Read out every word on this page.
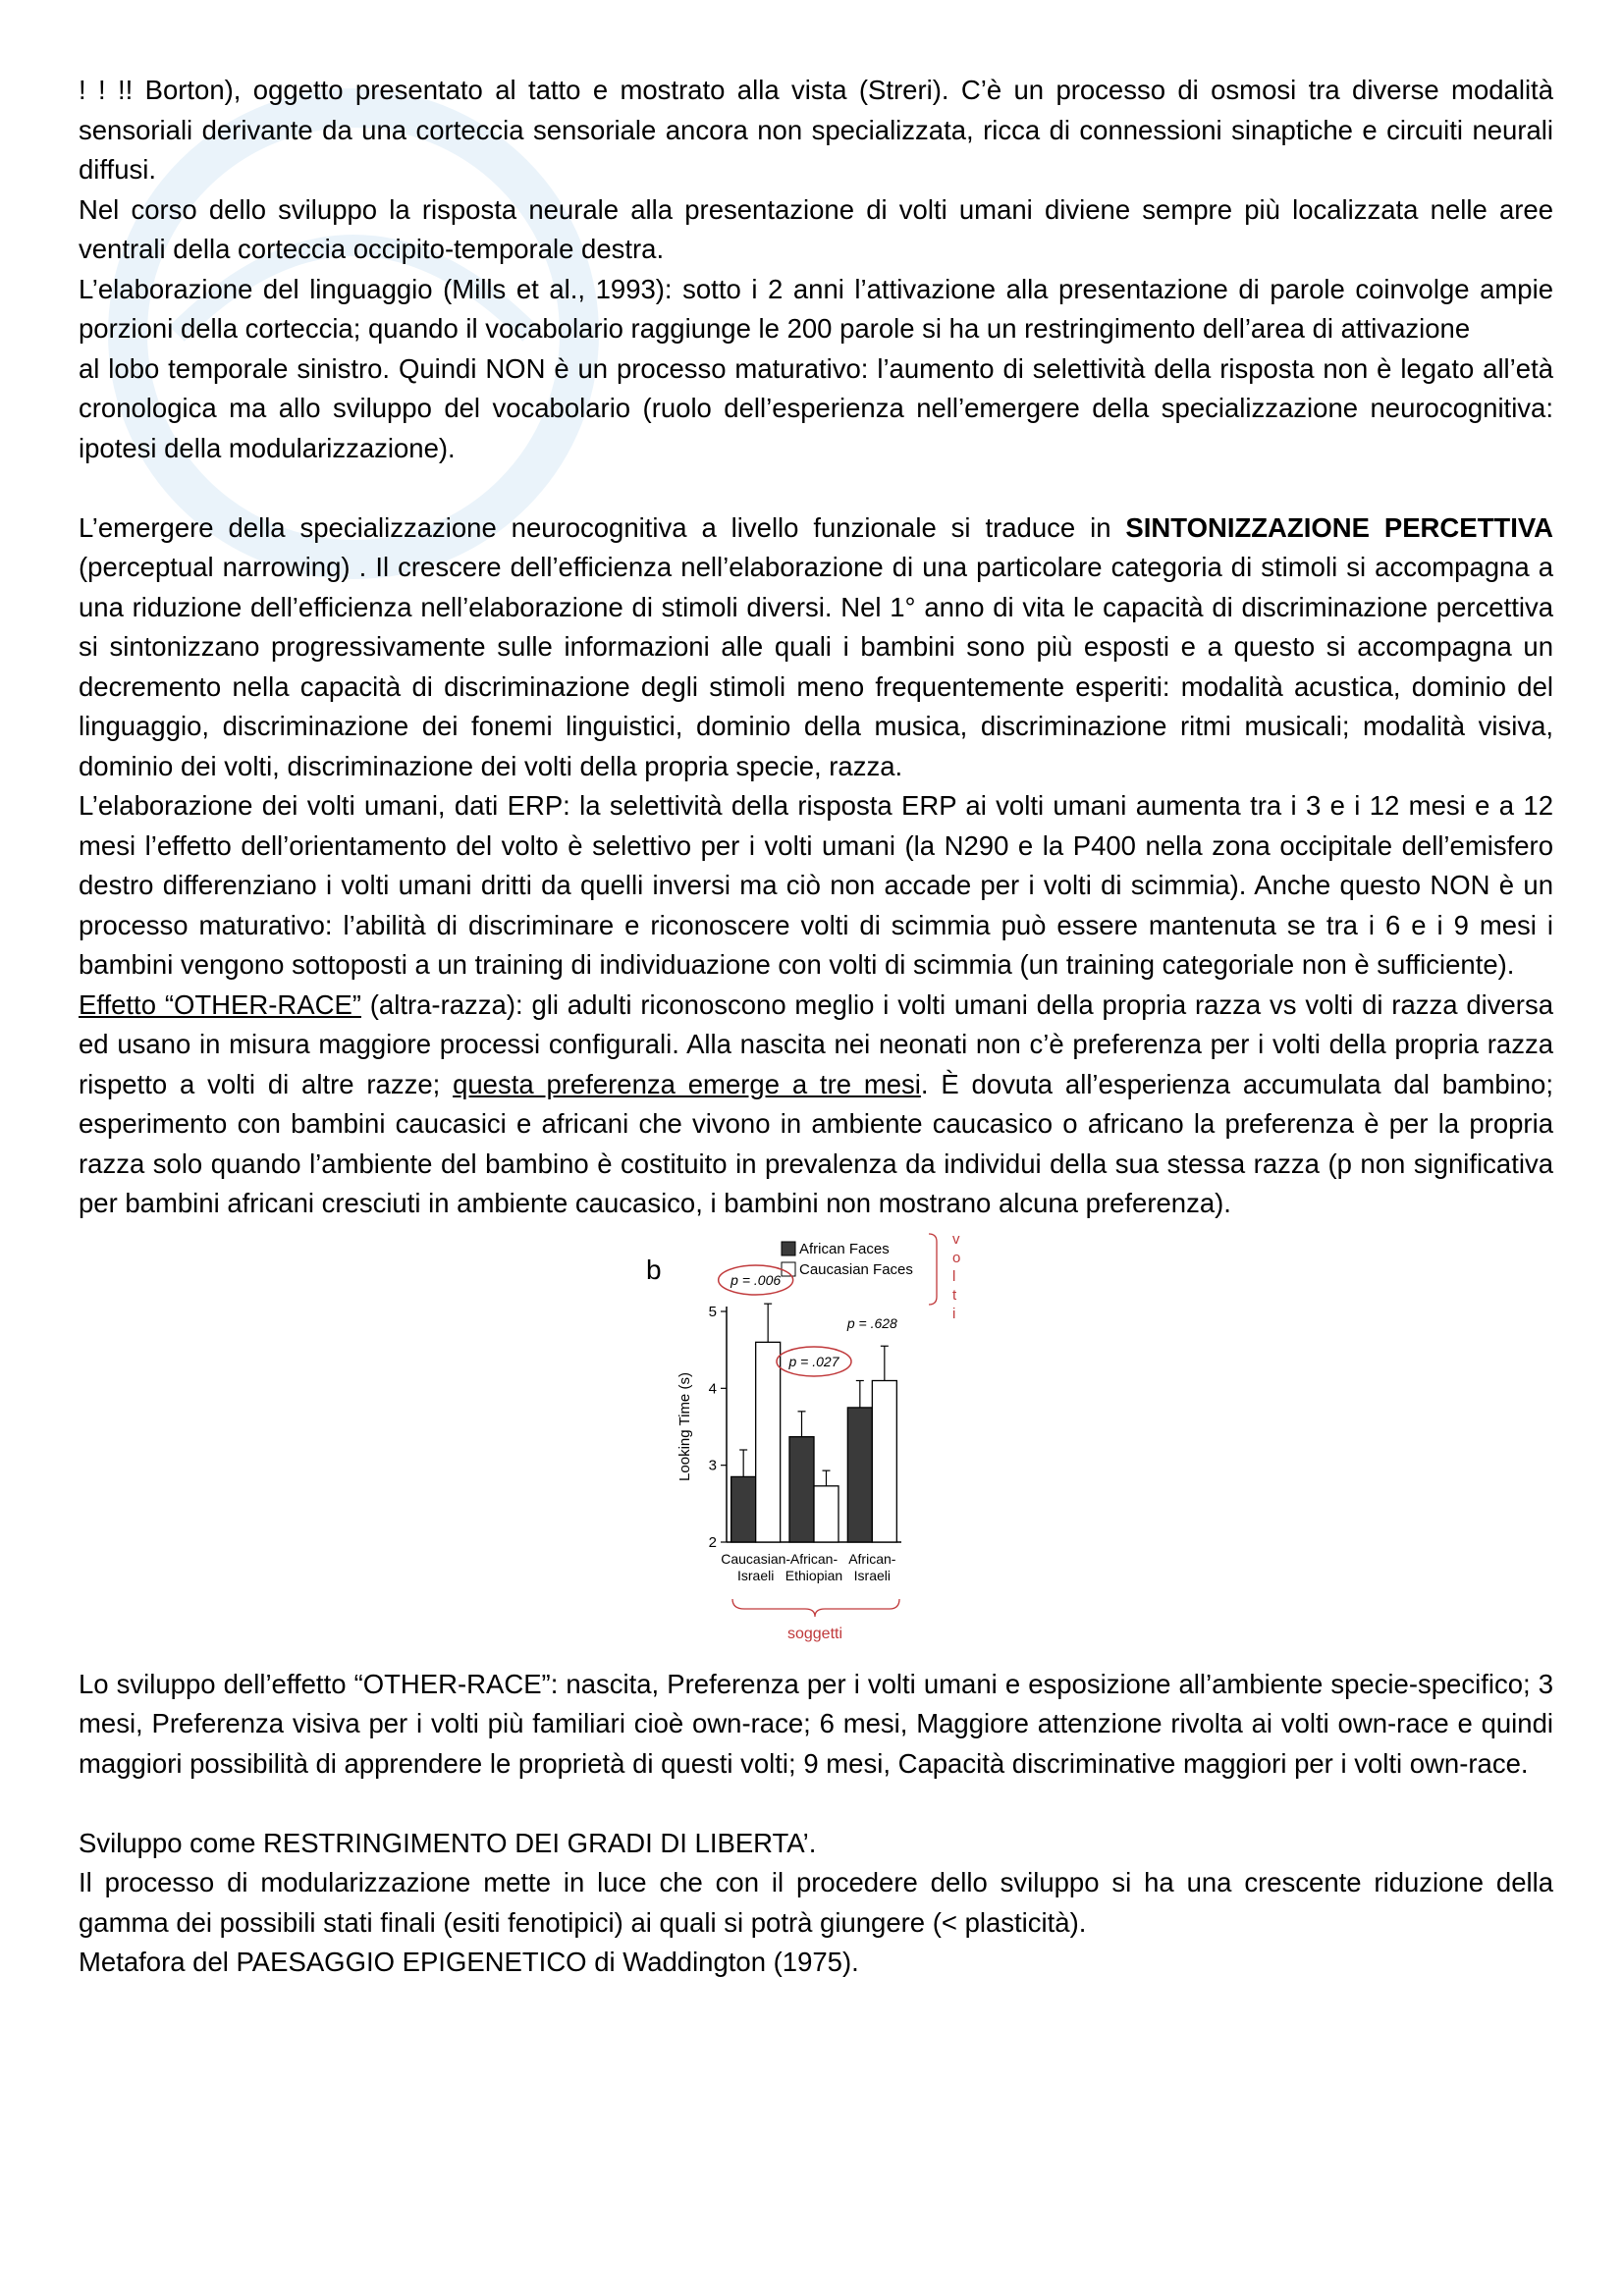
! ! !! Borton), oggetto presentato al tatto e mostrato alla vista (Streri). C’è un processo di osmosi tra diverse modalità sensoriali derivante da una corteccia sensoriale ancora non specializzata, ricca di connessioni sinaptiche e circuiti neurali diffusi.

Nel corso dello sviluppo la risposta neurale alla presentazione di volti umani diviene sempre più localizzata nelle aree ventrali della corteccia occipito-temporale destra.

L’elaborazione del linguaggio (Mills et al., 1993): sotto i 2 anni l’attivazione alla presentazione di parole coinvolge ampie porzioni della corteccia; quando il vocabolario raggiunge le 200 parole si ha un restringimento dell’area di attivazione

al lobo temporale sinistro. Quindi NON è un processo maturativo: l’aumento di selettività della risposta non è legato all’età cronologica ma allo sviluppo del vocabolario (ruolo dell’esperienza nell’emergere della specializzazione neurocognitiva: ipotesi della modularizzazione).

L’emergere della specializzazione neurocognitiva a livello funzionale si traduce in SINTONIZZAZIONE PERCETTIVA (perceptual narrowing) . Il crescere dell’efficienza nell’elaborazione di una particolare categoria di stimoli si accompagna a una riduzione dell’efficienza nell’elaborazione di stimoli diversi. Nel 1° anno di vita le capacità di discriminazione percettiva si sintonizzano progressivamente sulle informazioni alle quali i bambini sono più esposti e a questo si accompagna un decremento nella capacità di discriminazione degli stimoli meno frequentemente esperiti: modalità acustica, dominio del linguaggio, discriminazione dei fonemi linguistici, dominio della musica, discriminazione ritmi musicali; modalità visiva, dominio dei volti, discriminazione dei volti della propria specie, razza.

L’elaborazione dei volti umani, dati ERP: la selettività della risposta ERP ai volti umani aumenta tra i 3 e i 12 mesi e a 12 mesi l’effetto dell’orientamento del volto è selettivo per i volti umani (la N290 e la P400 nella zona occipitale dell’emisfero destro differenziano i volti umani dritti da quelli inversi ma ciò non accade per i volti di scimmia). Anche questo NON è un processo maturativo: l’abilità di discriminare e riconoscere volti di scimmia può essere mantenuta se tra i 6 e i 9 mesi i bambini vengono sottoposti a un training di individuazione con volti di scimmia (un training categoriale non è sufficiente).

Effetto “OTHER-RACE” (altra-razza): gli adulti riconoscono meglio i volti umani della propria razza vs volti di razza diversa ed usano in misura maggiore processi configurali. Alla nascita nei neonati non c’è preferenza per i volti della propria razza rispetto a volti di altre razze; questa preferenza emerge a tre mesi. È dovuta all’esperienza accumulata dal bambino; esperimento con bambini caucasici e africani che vivono in ambiente caucasico o africano la preferenza è per la propria razza solo quando l’ambiente del bambino è costituito in prevalenza da individui della sua stessa razza (p non significativa per bambini africani cresciuti in ambiente caucasico, i bambini non mostrano alcuna preferenza).

b
African Faces
Caucasian Faces
2
3
4
5
Looking Time (s)
Caucasian-
Israeli
African-
Ethiopian
African-
Israeli
p = .006
p = .027
p = .628
v
o
l
t
i
soggetti

Lo sviluppo dell’effetto “OTHER-RACE”: nascita, Preferenza per i volti umani e esposizione all’ambiente specie-specifico; 3 mesi, Preferenza visiva per i volti più familiari cioè own-race; 6 mesi, Maggiore attenzione rivolta ai volti own-race e quindi maggiori possibilità di apprendere le proprietà di questi volti; 9 mesi, Capacità discriminative maggiori per i volti own-race.

Sviluppo come RESTRINGIMENTO DEI GRADI DI LIBERTA’.

Il processo di modularizzazione mette in luce che con il procedere dello sviluppo si ha una crescente riduzione della gamma dei possibili stati finali (esiti fenotipici) ai quali si potrà giungere (< plasticità).

Metafora del PAESAGGIO EPIGENETICO di Waddington (1975).
